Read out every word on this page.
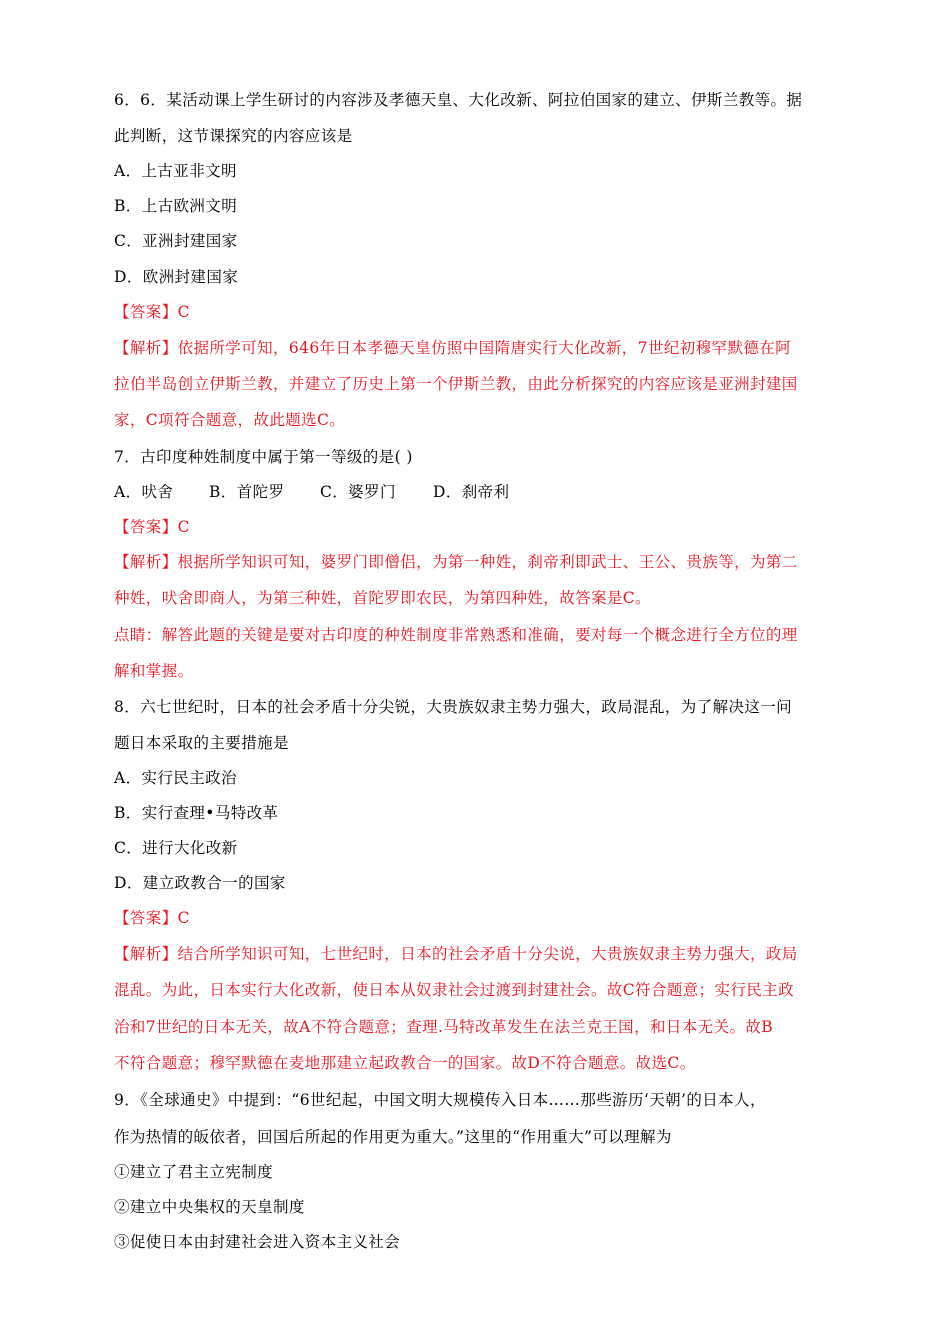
6．6．某活动课上学生研讨的内容涉及孝德天皇、大化改新、阿拉伯国家的建立、伊斯兰教等。据
此判断，这节课探究的内容应该是
A．上古亚非文明
B．上古欧洲文明
C．亚洲封建国家
D．欧洲封建国家
【答案】C
【解析】依据所学可知，646年日本孝德天皇仿照中国隋唐实行大化改新，7世纪初穆罕默德在阿
拉伯半岛创立伊斯兰教，并建立了历史上第一个伊斯兰教，由此分析探究的内容应该是亚洲封建国
家，C项符合题意，故此题选C。
7．古印度种姓制度中属于第一等级的是( )
A．吠舍 B．首陀罗 C．婆罗门 D．刹帝利
【答案】C
【解析】根据所学知识可知，婆罗门即僧侣，为第一种姓，刹帝利即武士、王公、贵族等，为第二
种姓，吠舍即商人，为第三种姓，首陀罗即农民，为第四种姓，故答案是C。
点睛：解答此题的关键是要对古印度的种姓制度非常熟悉和准确，要对每一个概念进行全方位的理
解和掌握。
8．六七世纪时，日本的社会矛盾十分尖锐，大贵族奴隶主势力强大，政局混乱，为了解决这一问
题日本采取的主要措施是
A．实行民主政治
B．实行查理•马特改革
C．进行大化改新
D．建立政教合一的国家
【答案】C
【解析】结合所学知识可知，七世纪时，日本的社会矛盾十分尖说，大贵族奴隶主势力强大，政局
混乱。为此，日本实行大化改新，使日本从奴隶社会过渡到封建社会。故C符合题意；实行民主政
治和7世纪的日本无关，故A不符合题意；查理.马特改革发生在法兰克王国，和日本无关。故B
不符合题意；穆罕默德在麦地那建立起政教合一的国家。故D不符合题意。故选C。
9．《全球通史》中提到：“6世纪起，中国文明大规模传入日本……那些游历‘天朝’的日本人，
作为热情的皈依者，回国后所起的作用更为重大。”这里的“作用重大”可以理解为
①建立了君主立宪制度
②建立中央集权的天皇制度
③促使日本由封建社会进入资本主义社会
